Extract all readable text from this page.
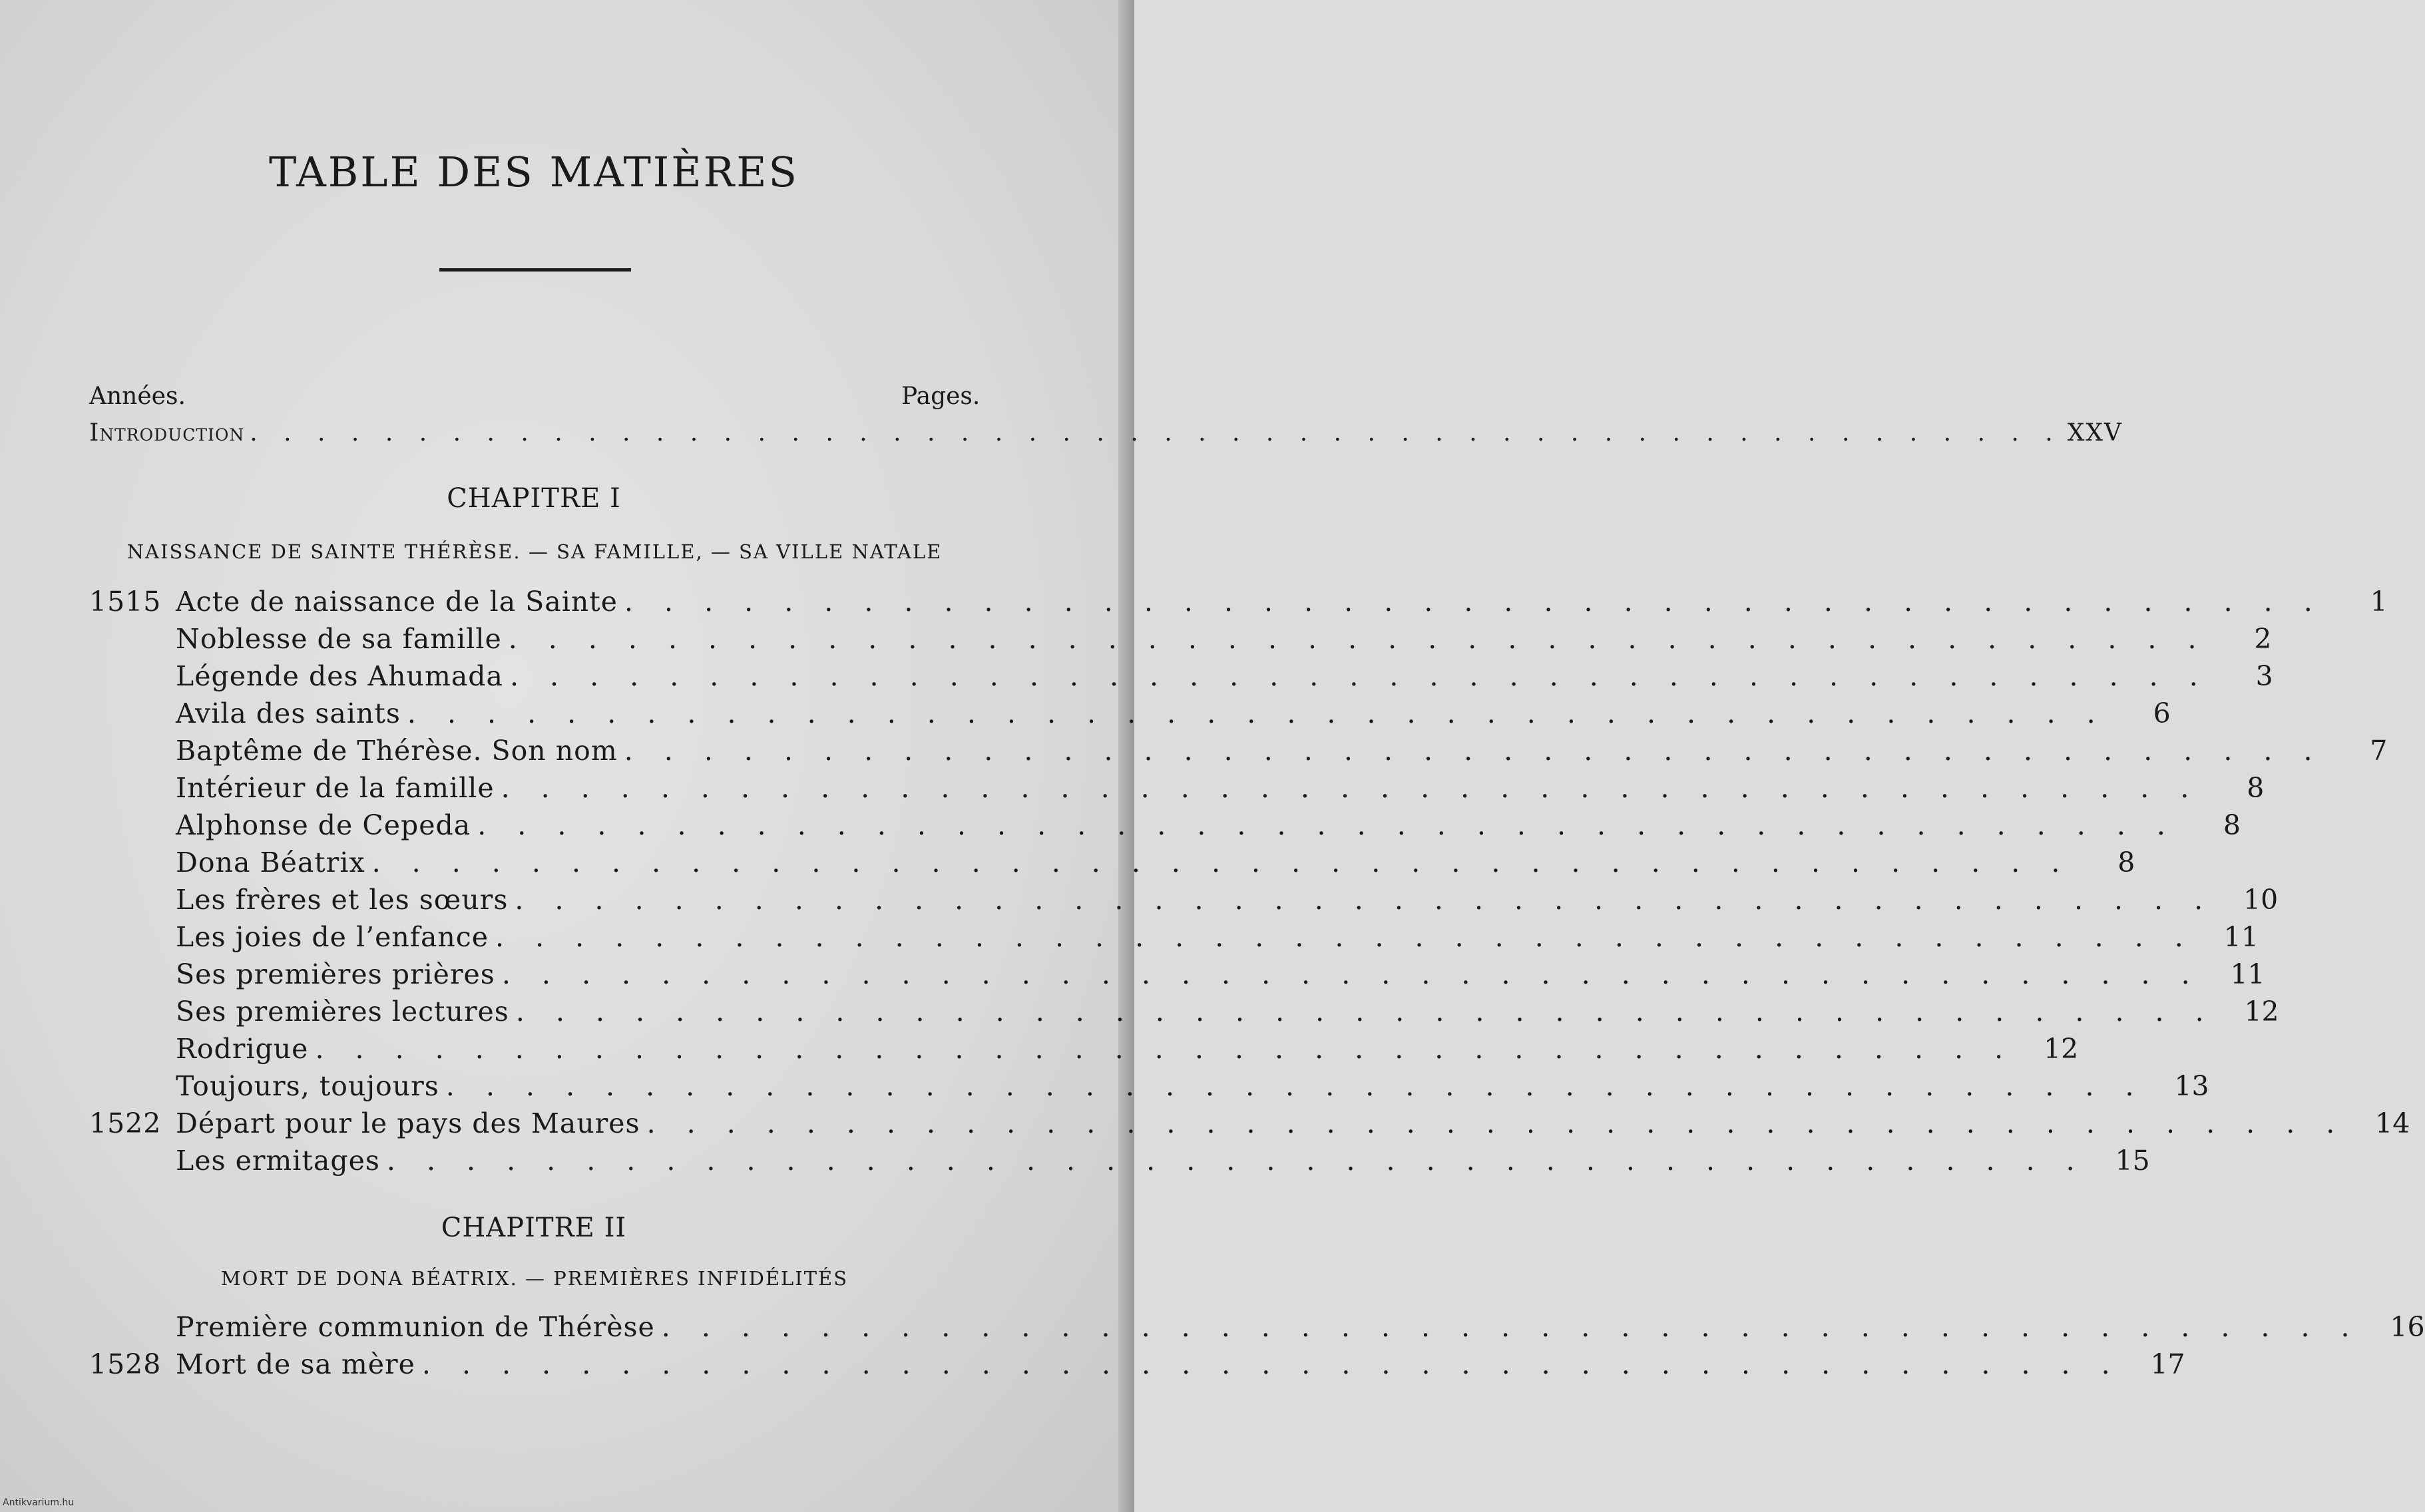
TABLE DES MATIÈRES
Années.	Pages.
Introduction . . . . . . . . . . . . . . . . . . . . . . . . . . . . . . . . . . . . . . . . . . . . . . . . . . . . . . XXV
CHAPITRE I
NAISSANCE DE SAINTE THÉRÈSE. — SA FAMILLE, — SA VILLE NATALE
1515 Acte de naissance de la Sainte . . . . . . . . . . . . . . . . . . . . . . . . . . . . . . . . . . . . . . . . . . .	1
Noblesse de sa famille . . . . . . . . . . . . . . . . . . . . . . . . . . . . . . . . . . . . . . . . . . .	2
Légende des Ahumada . . . . . . . . . . . . . . . . . . . . . . . . . . . . . . . . . . . . . . . . . . .	3
Avila des saints . . . . . . . . . . . . . . . . . . . . . . . . . . . . . . . . . . . . . . . . . . .	6
Baptême de Thérèse. Son nom . . . . . . . . . . . . . . . . . . . . . . . . . . . . . . . . . . . . . . . . . . .	7
Intérieur de la famille . . . . . . . . . . . . . . . . . . . . . . . . . . . . . . . . . . . . . . . . . . .	8
Alphonse de Cepeda . . . . . . . . . . . . . . . . . . . . . . . . . . . . . . . . . . . . . . . . . . .	8
Dona Béatrix . . . . . . . . . . . . . . . . . . . . . . . . . . . . . . . . . . . . . . . . . . .	8
Les frères et les sœurs . . . . . . . . . . . . . . . . . . . . . . . . . . . . . . . . . . . . . . . . . . . 10
Les joies de l’enfance . . . . . . . . . . . . . . . . . . . . . . . . . . . . . . . . . . . . . . . . . . . 11
Ses premières prières . . . . . . . . . . . . . . . . . . . . . . . . . . . . . . . . . . . . . . . . . . . 11
Ses premières lectures . . . . . . . . . . . . . . . . . . . . . . . . . . . . . . . . . . . . . . . . . . . 12
Rodrigue . . . . . . . . . . . . . . . . . . . . . . . . . . . . . . . . . . . . . . . . . . . 12
Toujours, toujours . . . . . . . . . . . . . . . . . . . . . . . . . . . . . . . . . . . . . . . . . . . 13
1522 Départ pour le pays des Maures . . . . . . . . . . . . . . . . . . . . . . . . . . . . . . . . . . . . . . . . . . . 14
Les ermitages . . . . . . . . . . . . . . . . . . . . . . . . . . . . . . . . . . . . . . . . . . . 15
CHAPITRE II
MORT DE DONA BÉATRIX. — PREMIÈRES INFIDÉLITÉS
Première communion de Thérèse . . . . . . . . . . . . . . . . . . . . . . . . . . . . . . . . . . . . . . . . . . . 16
1528 Mort de sa mère . . . . . . . . . . . . . . . . . . . . . . . . . . . . . . . . . . . . . . . . . . . 17
Antikvarium.hu
